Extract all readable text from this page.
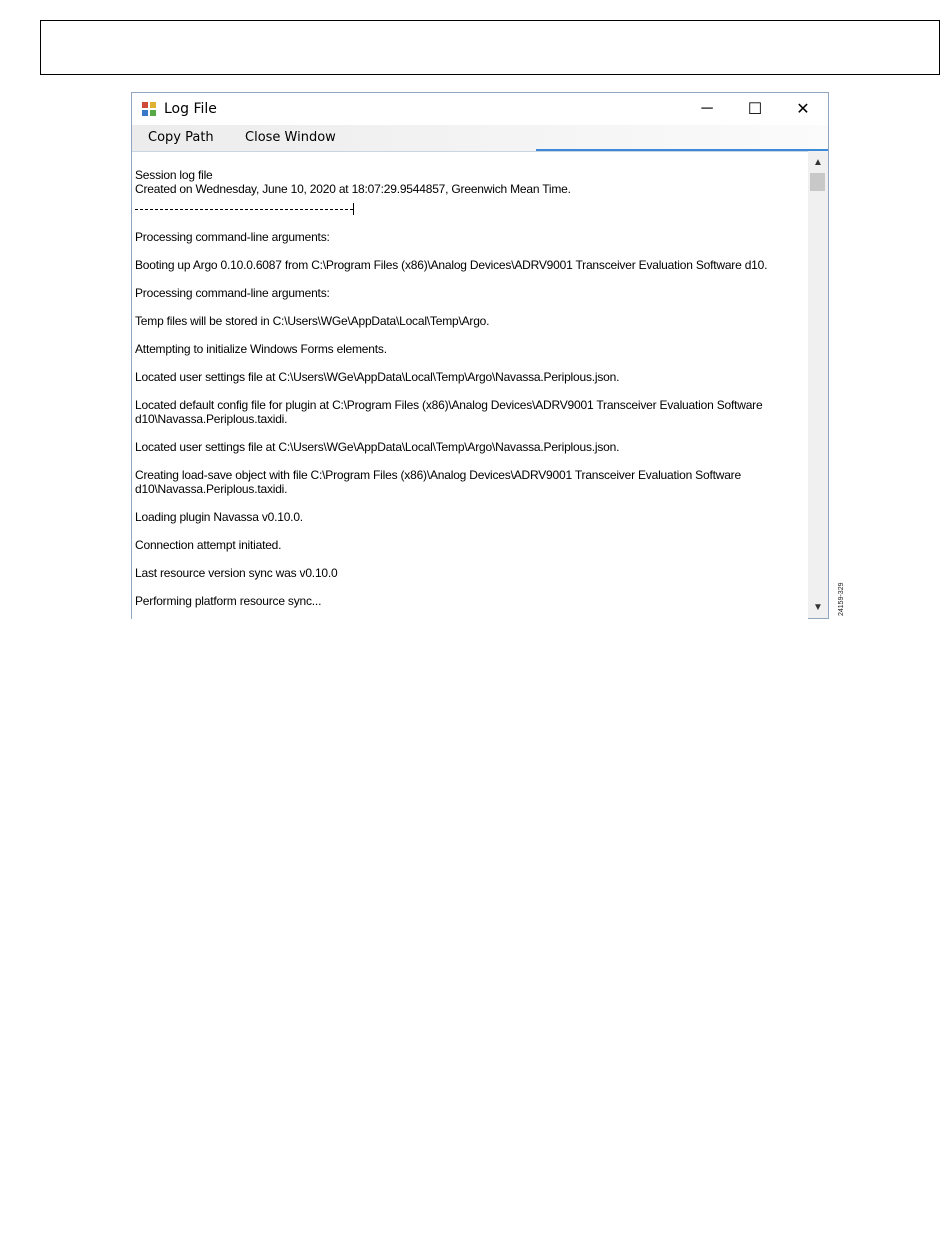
Log File	─ ☐ ✕
Copy Path Close Window

Session log file

Created on Wednesday, June 10, 2020 at 18:07:29.9544857, Greenwich Mean Time.

Processing command-line arguments:

Booting up Argo 0.10.0.6087 from C:\Program Files (x86)\Analog Devices\ADRV9001 Transceiver Evaluation Software d10.

Processing command-line arguments:

Temp files will be stored in C:\Users\WGe\AppData\Local\Temp\Argo.

Attempting to initialize Windows Forms elements.

Located user settings file at C:\Users\WGe\AppData\Local\Temp\Argo\Navassa.Periplous.json.

Located default config file for plugin at C:\Program Files (x86)\Analog Devices\ADRV9001 Transceiver Evaluation Software d10\Navassa.Periplous.taxidi.

Located user settings file at C:\Users\WGe\AppData\Local\Temp\Argo\Navassa.Periplous.json.

Creating load-save object with file C:\Program Files (x86)\Analog Devices\ADRV9001 Transceiver Evaluation Software d10\Navassa.Periplous.taxidi.

Loading plugin Navassa v0.10.0.

Connection attempt initiated.

Last resource version sync was v0.10.0

Performing platform resource sync...

▲
▼ 24159-329
